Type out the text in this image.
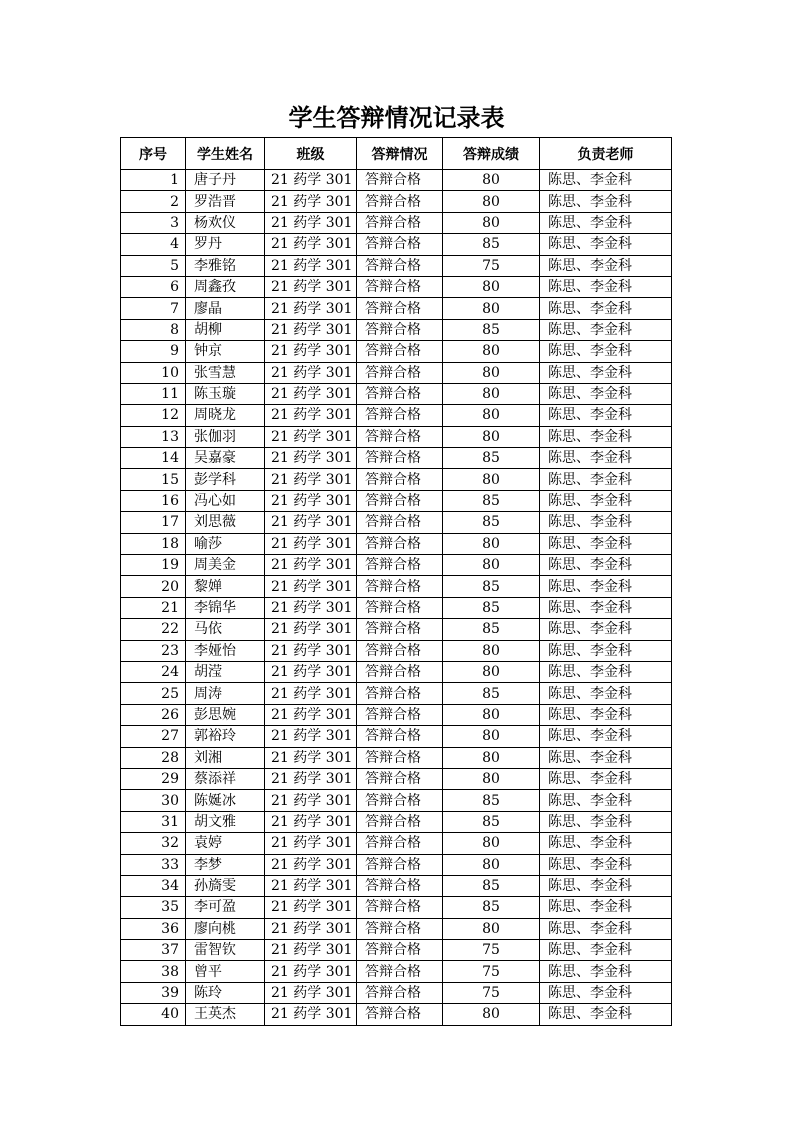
学生答辩情况记录表
序号	学生姓名	班级	答辩情况	答辩成绩	负责老师
1	唐子丹	21 药学 301	答辩合格	80	陈思、李金科
2	罗浩晋	21 药学 301	答辩合格	80	陈思、李金科
3	杨欢仪	21 药学 301	答辩合格	80	陈思、李金科
4	罗丹	21 药学 301	答辩合格	85	陈思、李金科
5	李雅铭	21 药学 301	答辩合格	75	陈思、李金科
6	周鑫孜	21 药学 301	答辩合格	80	陈思、李金科
7	廖晶	21 药学 301	答辩合格	80	陈思、李金科
8	胡柳	21 药学 301	答辩合格	85	陈思、李金科
9	钟京	21 药学 301	答辩合格	80	陈思、李金科
10	张雪慧	21 药学 301	答辩合格	80	陈思、李金科
11	陈玉璇	21 药学 301	答辩合格	80	陈思、李金科
12	周晓龙	21 药学 301	答辩合格	80	陈思、李金科
13	张伽羽	21 药学 301	答辩合格	80	陈思、李金科
14	吴嘉豪	21 药学 301	答辩合格	85	陈思、李金科
15	彭学科	21 药学 301	答辩合格	80	陈思、李金科
16	冯心如	21 药学 301	答辩合格	85	陈思、李金科
17	刘思薇	21 药学 301	答辩合格	85	陈思、李金科
18	喻莎	21 药学 301	答辩合格	80	陈思、李金科
19	周美金	21 药学 301	答辩合格	80	陈思、李金科
20	黎婵	21 药学 301	答辩合格	85	陈思、李金科
21	李锦华	21 药学 301	答辩合格	85	陈思、李金科
22	马依	21 药学 301	答辩合格	85	陈思、李金科
23	李娅怡	21 药学 301	答辩合格	80	陈思、李金科
24	胡滢	21 药学 301	答辩合格	80	陈思、李金科
25	周涛	21 药学 301	答辩合格	85	陈思、李金科
26	彭思婉	21 药学 301	答辩合格	80	陈思、李金科
27	郭裕玲	21 药学 301	答辩合格	80	陈思、李金科
28	刘湘	21 药学 301	答辩合格	80	陈思、李金科
29	蔡添祥	21 药学 301	答辩合格	80	陈思、李金科
30	陈娫冰	21 药学 301	答辩合格	85	陈思、李金科
31	胡文雅	21 药学 301	答辩合格	85	陈思、李金科
32	袁婷	21 药学 301	答辩合格	80	陈思、李金科
33	李梦	21 药学 301	答辩合格	80	陈思、李金科
34	孙旖雯	21 药学 301	答辩合格	85	陈思、李金科
35	李可盈	21 药学 301	答辩合格	85	陈思、李金科
36	廖向桃	21 药学 301	答辩合格	80	陈思、李金科
37	雷智钦	21 药学 301	答辩合格	75	陈思、李金科
38	曾平	21 药学 301	答辩合格	75	陈思、李金科
39	陈玲	21 药学 301	答辩合格	75	陈思、李金科
40	王英杰	21 药学 301	答辩合格	80	陈思、李金科
